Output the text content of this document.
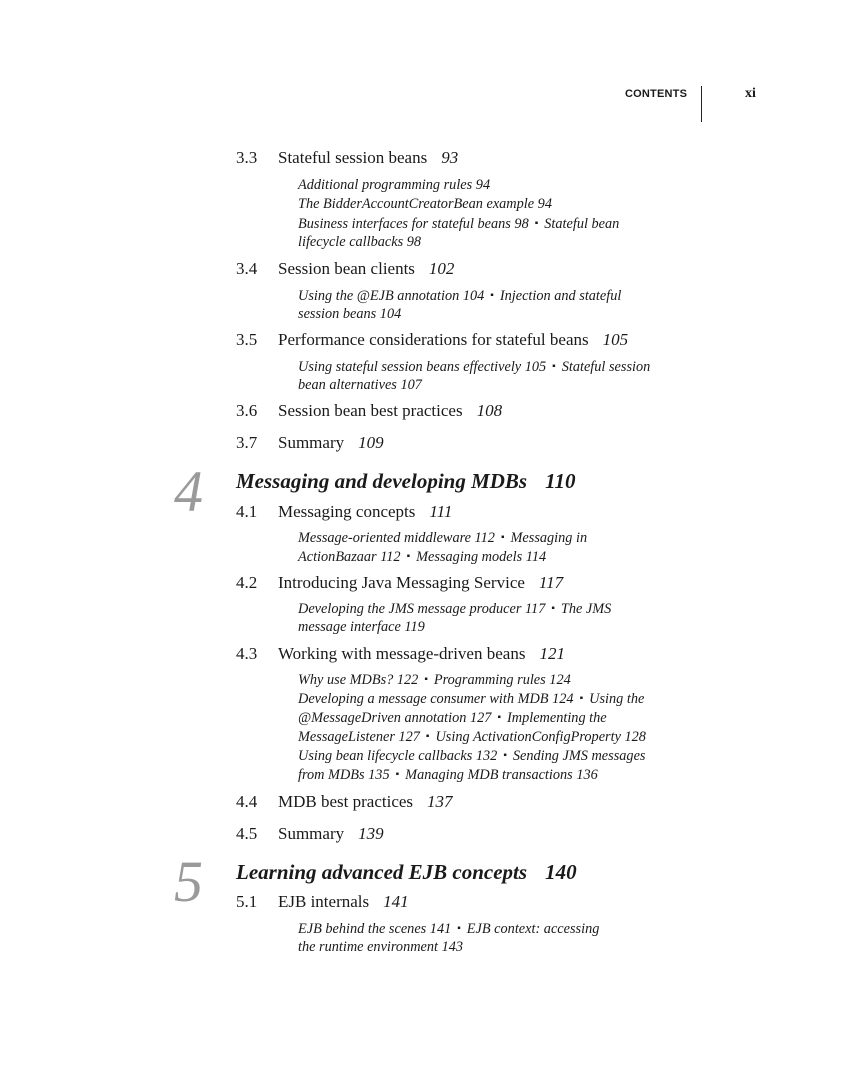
CONTENTS	xi
3.3 Stateful session beans 93
Additional programming rules 94
The BidderAccountCreatorBean example 94
Business interfaces for stateful beans 98 ▪ Stateful bean
lifecycle callbacks 98
3.4 Session bean clients 102
Using the @EJB annotation 104 ▪ Injection and stateful
session beans 104
3.5 Performance considerations for stateful beans 105
Using stateful session beans effectively 105 ▪ Stateful session
bean alternatives 107
3.6 Session bean best practices 108
3.7 Summary 109
4 Messaging and developing MDBs 110
4.1 Messaging concepts 111
Message-oriented middleware 112 ▪ Messaging in
ActionBazaar 112 ▪ Messaging models 114
4.2 Introducing Java Messaging Service 117
Developing the JMS message producer 117 ▪ The JMS
message interface 119
4.3 Working with message-driven beans 121
Why use MDBs? 122 ▪ Programming rules 124
Developing a message consumer with MDB 124 ▪ Using the
@MessageDriven annotation 127 ▪ Implementing the
MessageListener 127 ▪ Using ActivationConfigProperty 128
Using bean lifecycle callbacks 132 ▪ Sending JMS messages
from MDBs 135 ▪ Managing MDB transactions 136
4.4 MDB best practices 137
4.5 Summary 139
5 Learning advanced EJB concepts 140
5.1 EJB internals 141
EJB behind the scenes 141 ▪ EJB context: accessing
the runtime environment 143
